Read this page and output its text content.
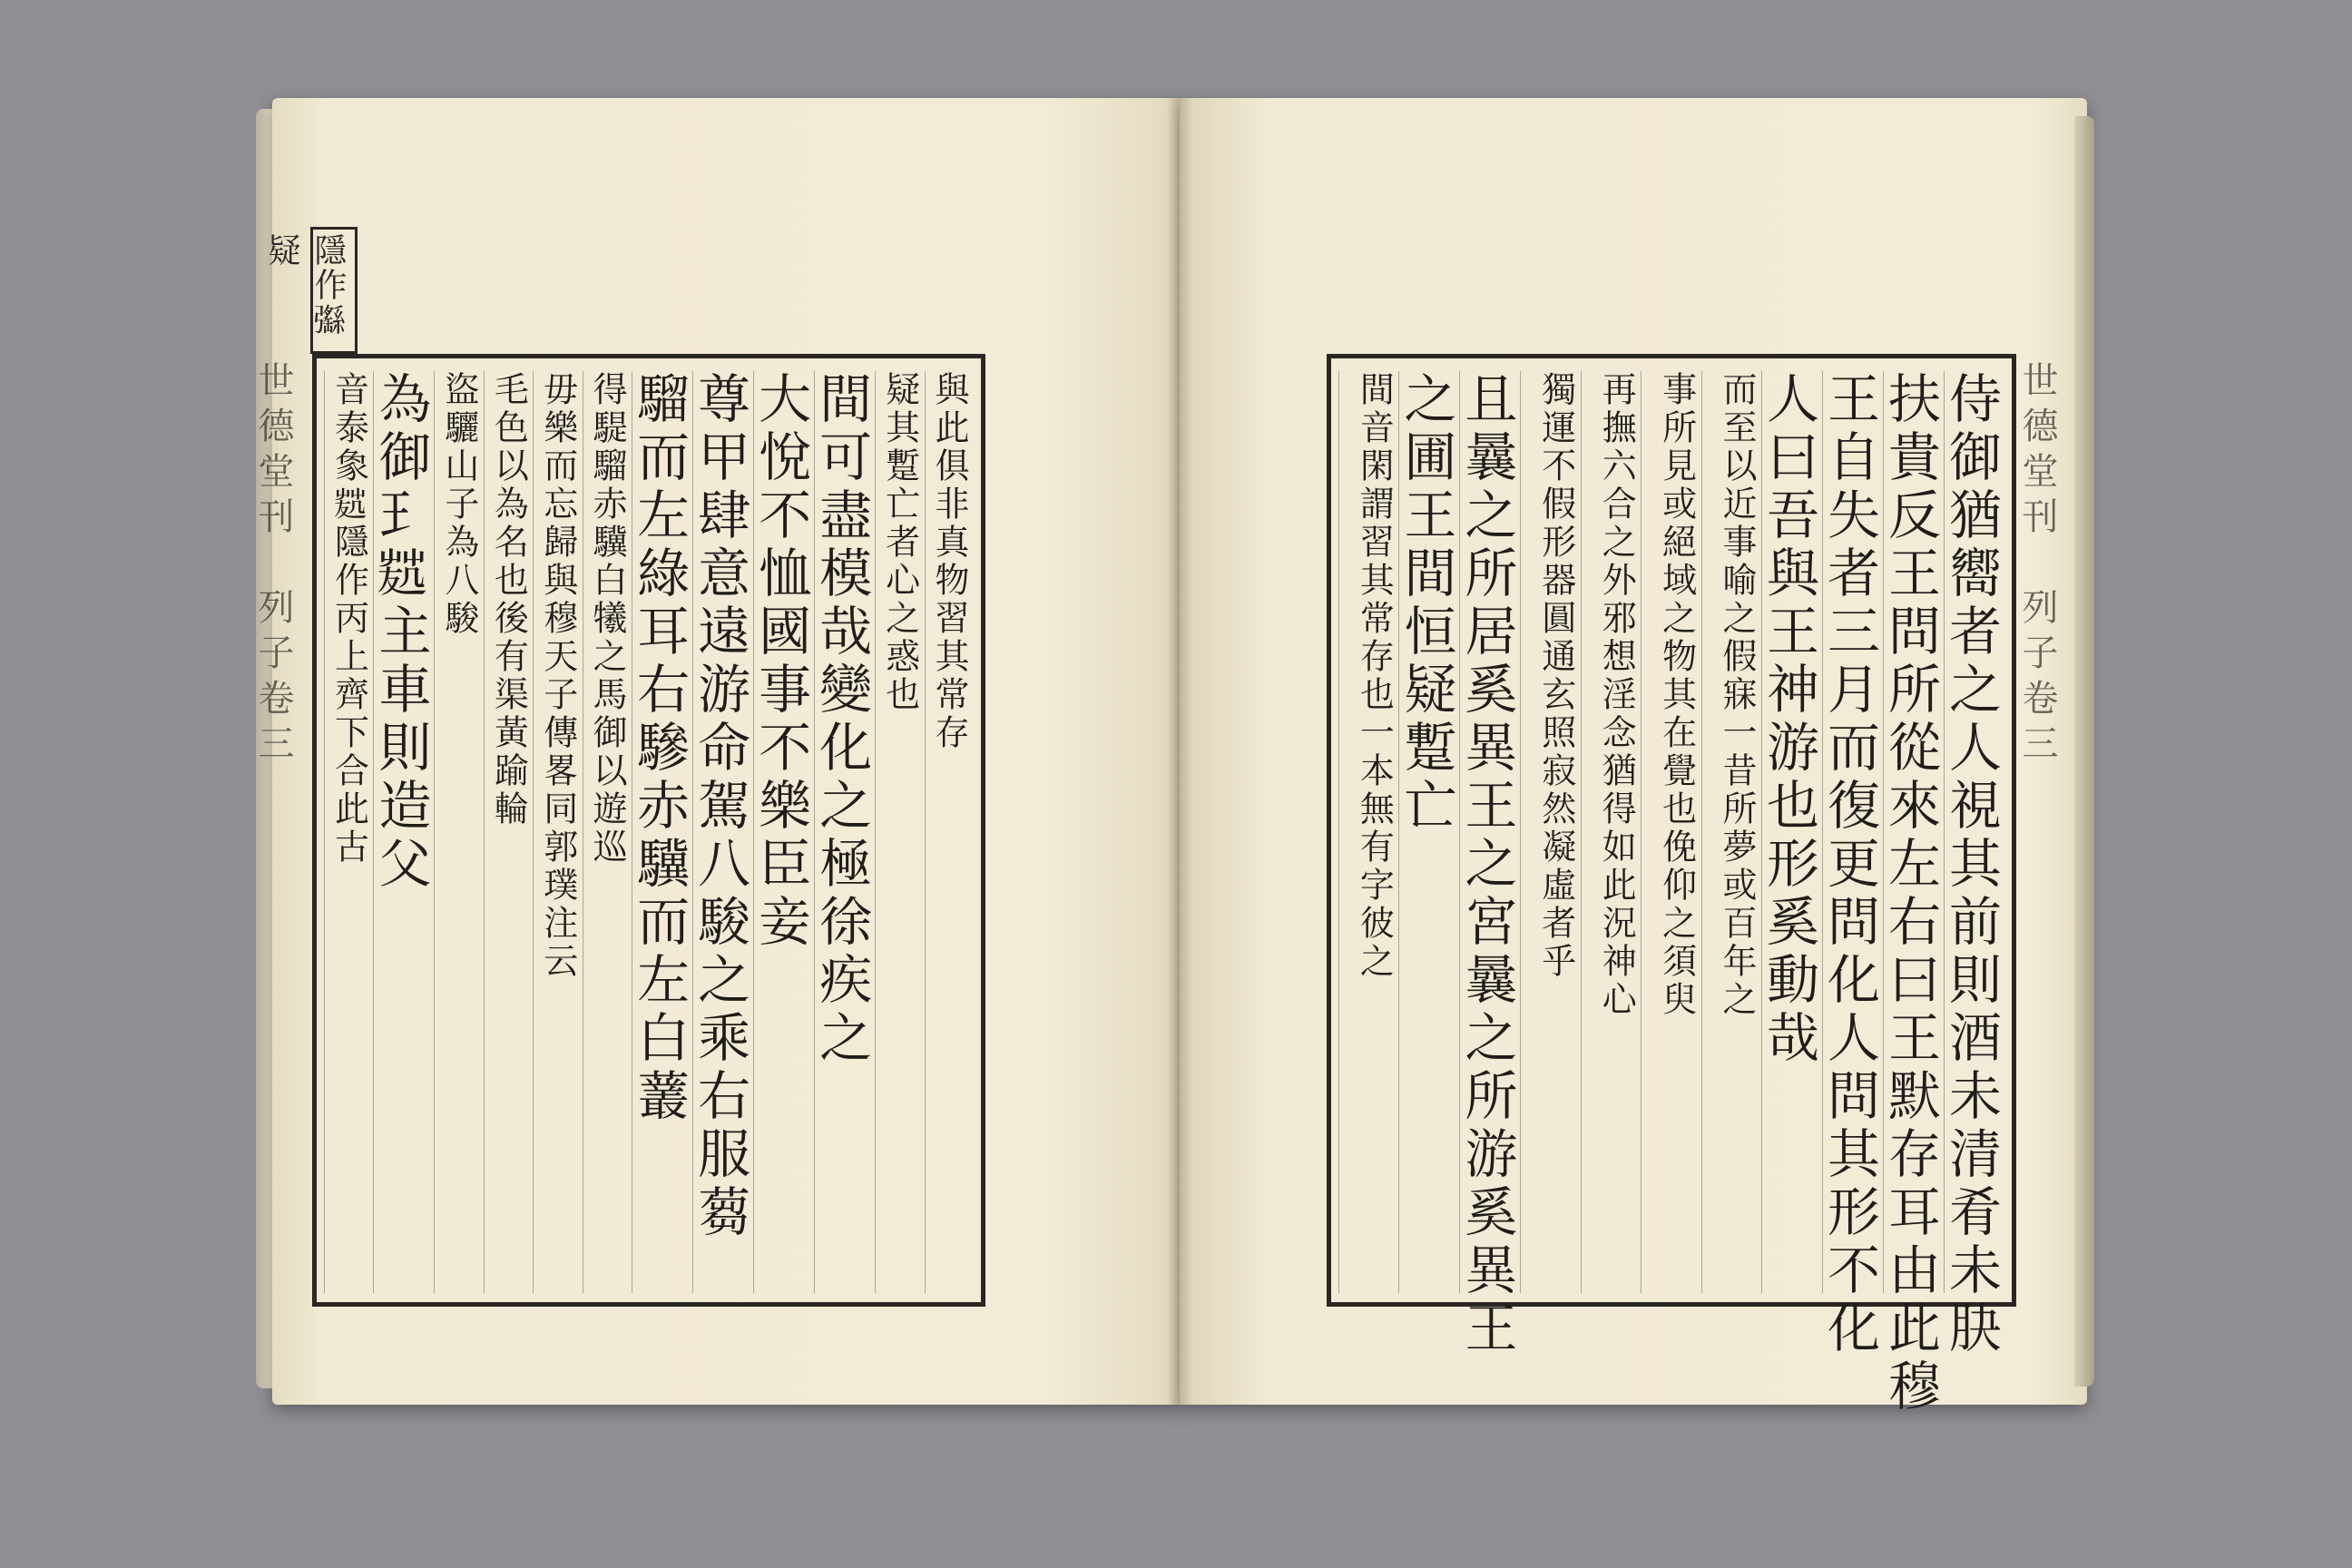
隱作𢑄疑
世德堂刊　列子卷三	世德堂刊　列子卷三
與此俱非真物習其常存
疑其蹔亡者心之惑也
間可盡模哉變化之極徐疾之
大悅不恤國事不樂臣妾
尊甲肆意遠游命駕八駿之乘右服蒭
騮而左綠耳右驂赤驥而左白䕺
得騠騮赤驥白犧之馬御以遊巡
毋樂而忘歸與穆天子傳畧同郭璞注云
毛色以為名也後有渠黃踰輪
盜驪山子為八駿
為御𤣩𠙢主車則造父
音泰𧰼𠙢隱作丙上齊下合此古	侍御猶嚮者之人視其前則酒未清肴未䏐
扶貴反王問所從來左右曰王默存耳由此穆
王自失者三月而復更問化人問其形不化
人曰吾與王神游也形奚動哉
而至以近事喻之假寐一昔所夢或百年之
事所見或絕域之物其在覺也俛仰之須臾
再撫六合之外邪想淫念猶得如此況神心
獨運不假形器圓通玄照寂然凝虛者乎
且曩之所居奚異王之宮曩之所游奚異王
之圃王間恒疑蹔亡
間音閑謂習其常存也一本無有字彼之
